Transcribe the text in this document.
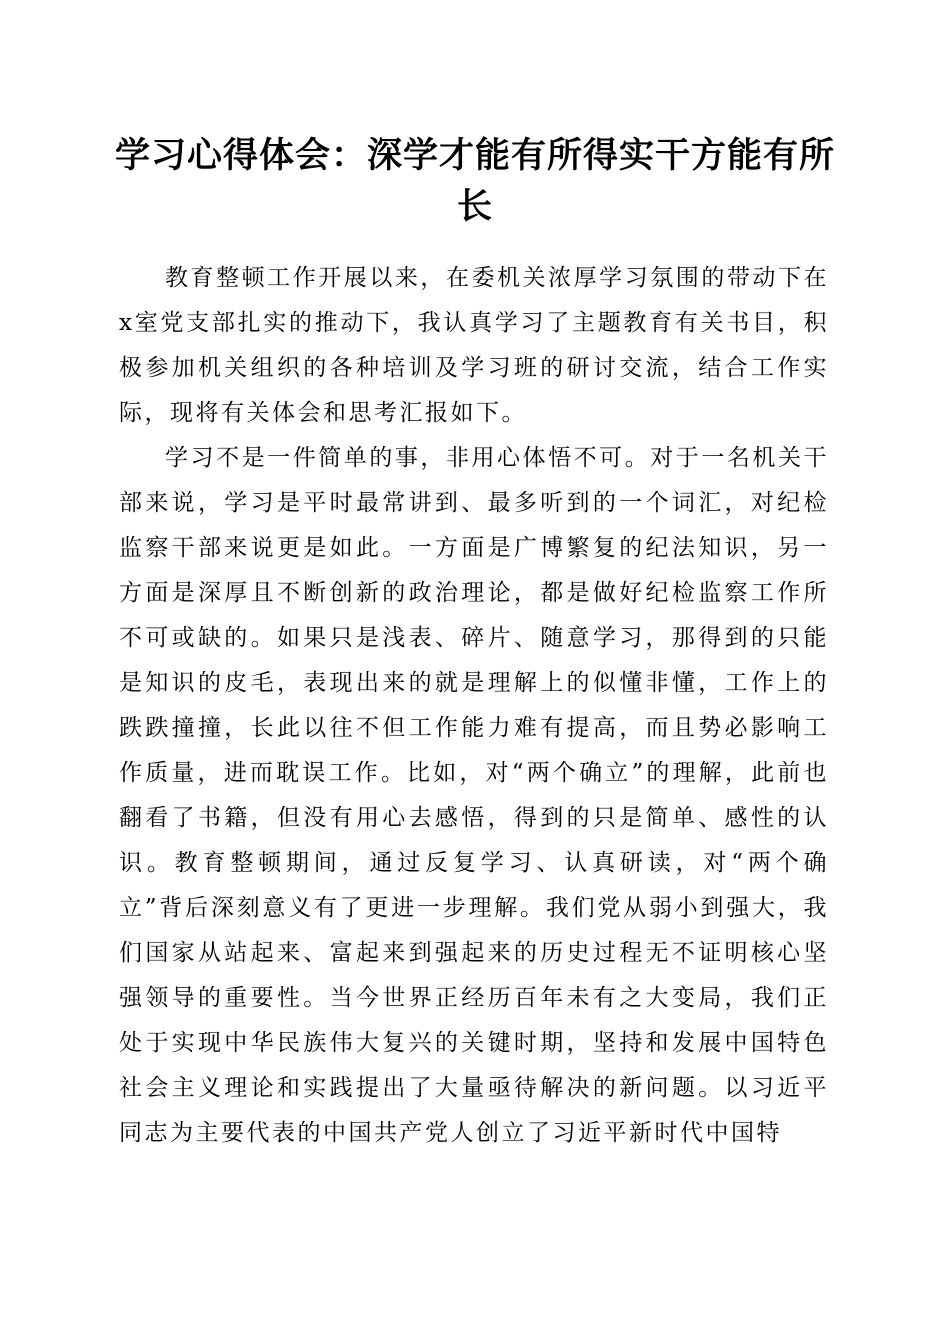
学习心得体会：深学才能有所得实干方能有所长

教育整顿工作开展以来，在委机关浓厚学习氛围的带动下在x室党支部扎实的推动下，我认真学习了主题教育有关书目，积极参加机关组织的各种培训及学习班的研讨交流，结合工作实际，现将有关体会和思考汇报如下。

学习不是一件简单的事，非用心体悟不可。对于一名机关干部来说，学习是平时最常讲到、最多听到的一个词汇，对纪检监察干部来说更是如此。一方面是广博繁复的纪法知识，另一方面是深厚且不断创新的政治理论，都是做好纪检监察工作所不可或缺的。如果只是浅表、碎片、随意学习，那得到的只能是知识的皮毛，表现出来的就是理解上的似懂非懂，工作上的跌跌撞撞，长此以往不但工作能力难有提高，而且势必影响工作质量，进而耽误工作。比如，对“两个确立”的理解，此前也翻看了书籍，但没有用心去感悟，得到的只是简单、感性的认识。教育整顿期间，通过反复学习、认真研读，对“两个确立”背后深刻意义有了更进一步理解。我们党从弱小到强大，我们国家从站起来、富起来到强起来的历史过程无不证明核心坚强领导的重要性。当今世界正经历百年未有之大变局，我们正处于实现中华民族伟大复兴的关键时期，坚持和发展中国特色社会主义理论和实践提出了大量亟待解决的新问题。以习近平同志为主要代表的中国共产党人创立了习近平新时代中国特
